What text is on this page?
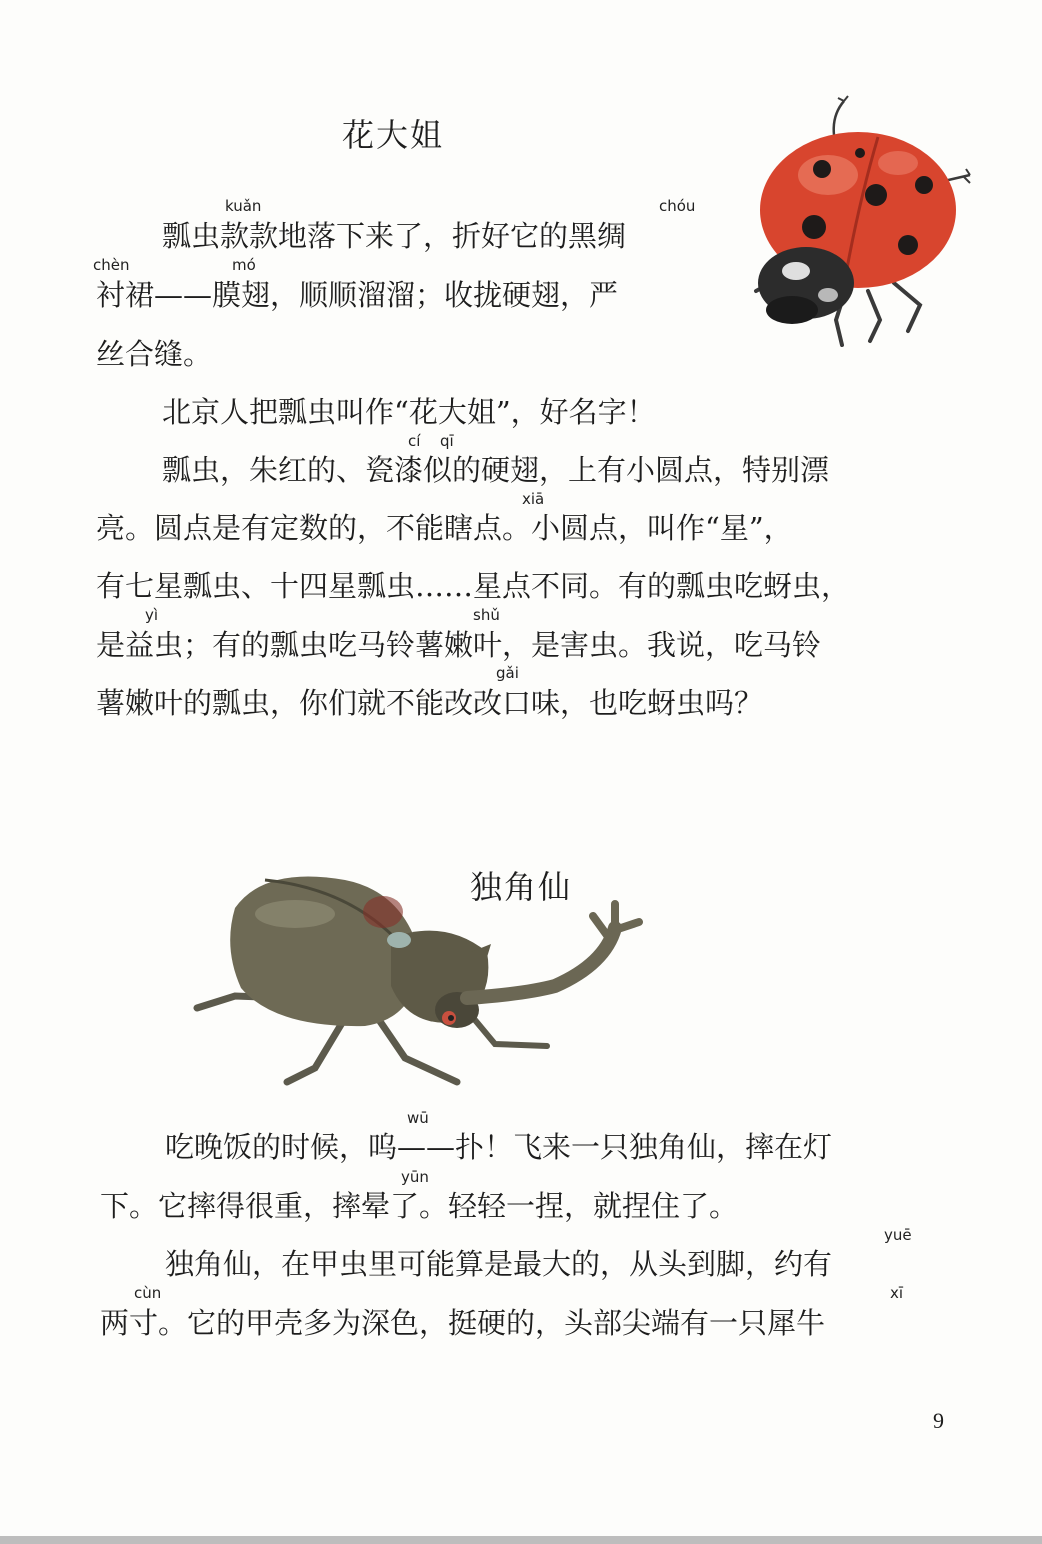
花大姐
kuǎn	chóu
瓢虫款款地落下来了，折好它的黑绸
chèn	mó
衬裙——膜翅，顺顺溜溜；收拢硬翅，严
丝合缝。
北京人把瓢虫叫作“花大姐”，好名字！
cí qī
瓢虫，朱红的、瓷漆似的硬翅，上有小圆点，特别漂
xiā
亮。圆点是有定数的，不能瞎点。小圆点，叫作“星”，
有七星瓢虫、十四星瓢虫……星点不同。有的瓢虫吃蚜虫，
yì	shǔ
是益虫；有的瓢虫吃马铃薯嫩叶，是害虫。我说，吃马铃
gǎi
薯嫩叶的瓢虫，你们就不能改改口味，也吃蚜虫吗？
独角仙
wū
吃晚饭的时候，呜——扑！飞来一只独角仙，摔在灯
yūn
下。它摔得很重，摔晕了。轻轻一捏，就捏住了。
yuē
独角仙，在甲虫里可能算是最大的，从头到脚，约有
cùn	xī
两寸。它的甲壳多为深色，挺硬的，头部尖端有一只犀牛
9
